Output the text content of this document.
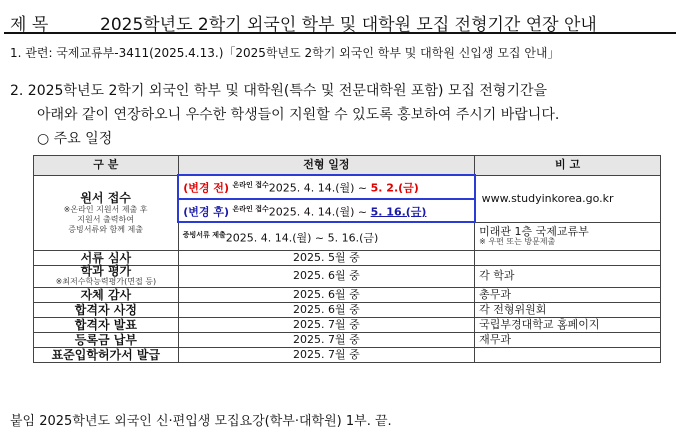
제 목	2025학년도 2학기 외국인 학부 및 대학원 모집 전형기간 연장 안내
1. 관련: 국제교류부-3411(2025.4.13.)「2025학년도 2학기 외국인 학부 및 대학원 신입생 모집 안내」
2. 2025학년도 2학기 외국인 학부 및 대학원(특수 및 전문대학원 포함) 모집 전형기간을
아래와 같이 연장하오니 우수한 학생들이 지원할 수 있도록 홍보하여 주시기 바랍니다.
○ 주요 일정
구 분	전형 일정	비 고
원서 접수
※온라인 지원서 제출 후
지원서 출력하여
증빙서류와 함께 제출	(변경 전) $^{온라인 접수}$2025. 4. 14.(월) ~ 5. 2.(금)	www.studyinkorea.go.kr
	(변경 후) $^{온라인 접수}$2025. 4. 14.(월) ~ 5. 16.(금)	
	$^{증빙서류 제출}$2025. 4. 14.(월) ~ 5. 16.(금)	미래관 1층 국제교류부
※ 우편 또는 방문제출

서류 심사	2025. 5월 중	
학과 평가
※최저수학능력평가(면접 등)	2025. 6월 중	각 학과
자체 감사	2025. 6월 중	총무과
합격자 사정	2025. 6월 중	각 전형위원회
합격자 발표	2025. 7월 중	국립부경대학교 홈페이지
등록금 납부	2025. 7월 중	재무과
표준입학허가서 발급	2025. 7월 중	
붙임 2025학년도 외국인 신·편입생 모집요강(학부·대학원) 1부. 끝.
